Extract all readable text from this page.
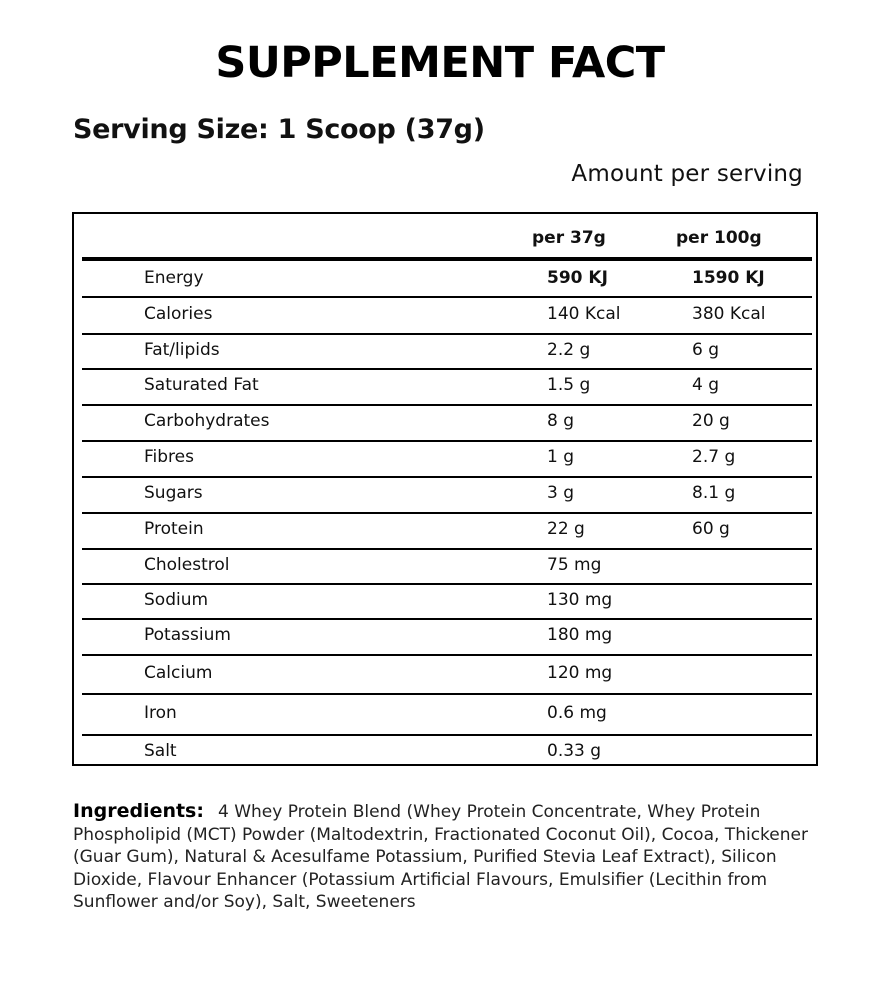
SUPPLEMENT FACT
Serving Size: 1 Scoop (37g)
Amount per serving
per 37g	per 100g
Energy	590 KJ	1590 KJ
Calories	140 Kcal	380 Kcal
Fat/lipids	2.2 g	6 g
Saturated Fat	1.5 g	4 g
Carbohydrates	8 g	20 g
Fibres	1 g	2.7 g
Sugars	3 g	8.1 g
Protein	22 g	60 g
Cholestrol	75 mg
Sodium	130 mg
Potassium	180 mg
Calcium	120 mg
Iron	0.6 mg
Salt	0.33 g
Ingredients: 4 Whey Protein Blend (Whey Protein Concentrate, Whey Protein Phospholipid (MCT) Powder (Maltodextrin, Fractionated Coconut Oil), Cocoa, Thickener (Guar Gum), Natural & Acesulfame Potassium, Purified Stevia Leaf Extract), Silicon Dioxide, Flavour Enhancer (Potassium Artificial Flavours, Emulsifier (Lecithin from Sunflower and/or Soy), Salt, Sweeteners
